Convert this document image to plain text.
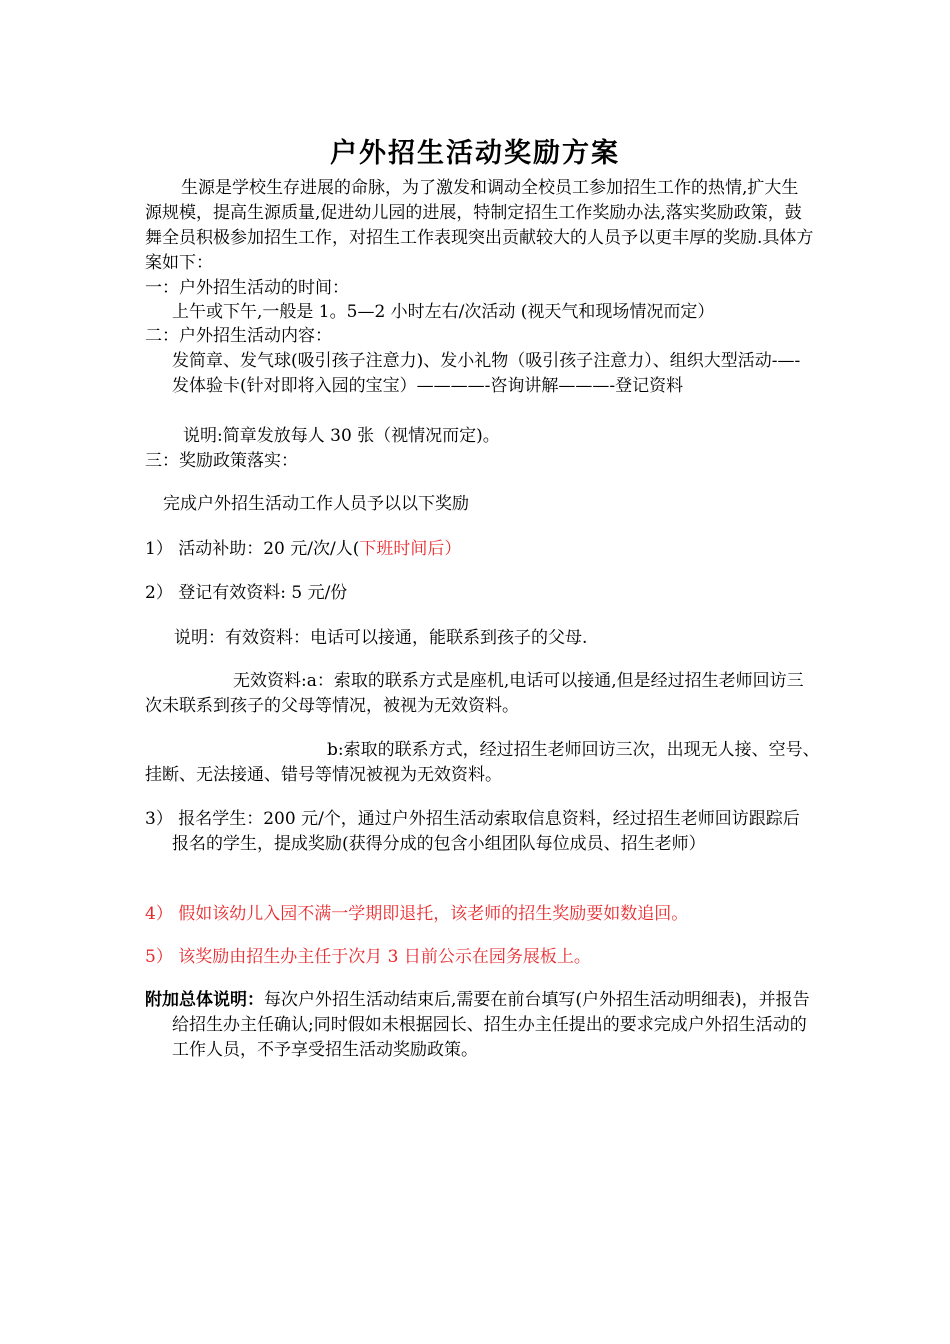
户外招生活动奖励方案
生源是学校生存进展的命脉，为了激发和调动全校员工参加招生工作的热情,扩大生源规模，提高生源质量,促进幼儿园的进展，特制定招生工作奖励办法,落实奖励政策，鼓舞全员积极参加招生工作，对招生工作表现突出贡献较大的人员予以更丰厚的奖励.具体方案如下：
一：户外招生活动的时间：
上午或下午,一般是 1。5—2 小时左右/次活动 (视天气和现场情况而定）
二：户外招生活动内容：
发简章、发气球(吸引孩子注意力)、发小礼物（吸引孩子注意力）、组织大型活动-—-发体验卡(针对即将入园的宝宝）————-咨询讲解———-登记资料
说明:简章发放每人 30 张（视情况而定)。
三：奖励政策落实：
完成户外招生活动工作人员予以以下奖励
1） 活动补助：20 元/次/人(下班时间后）
2） 登记有效资料: 5 元/份
说明：有效资料：电话可以接通，能联系到孩子的父母.
无效资料:a：索取的联系方式是座机,电话可以接通,但是经过招生老师回访三次未联系到孩子的父母等情况，被视为无效资料。
b:索取的联系方式，经过招生老师回访三次，出现无人接、空号、挂断、无法接通、错号等情况被视为无效资料。
3） 报名学生：200 元/个，通过户外招生活动索取信息资料，经过招生老师回访跟踪后报名的学生，提成奖励(获得分成的包含小组团队每位成员、招生老师）
4） 假如该幼儿入园不满一学期即退托，该老师的招生奖励要如数追回。
5） 该奖励由招生办主任于次月 3 日前公示在园务展板上。
附加总体说明：每次户外招生活动结束后,需要在前台填写(户外招生活动明细表)，并报告给招生办主任确认;同时假如未根据园长、招生办主任提出的要求完成户外招生活动的工作人员，不予享受招生活动奖励政策。
